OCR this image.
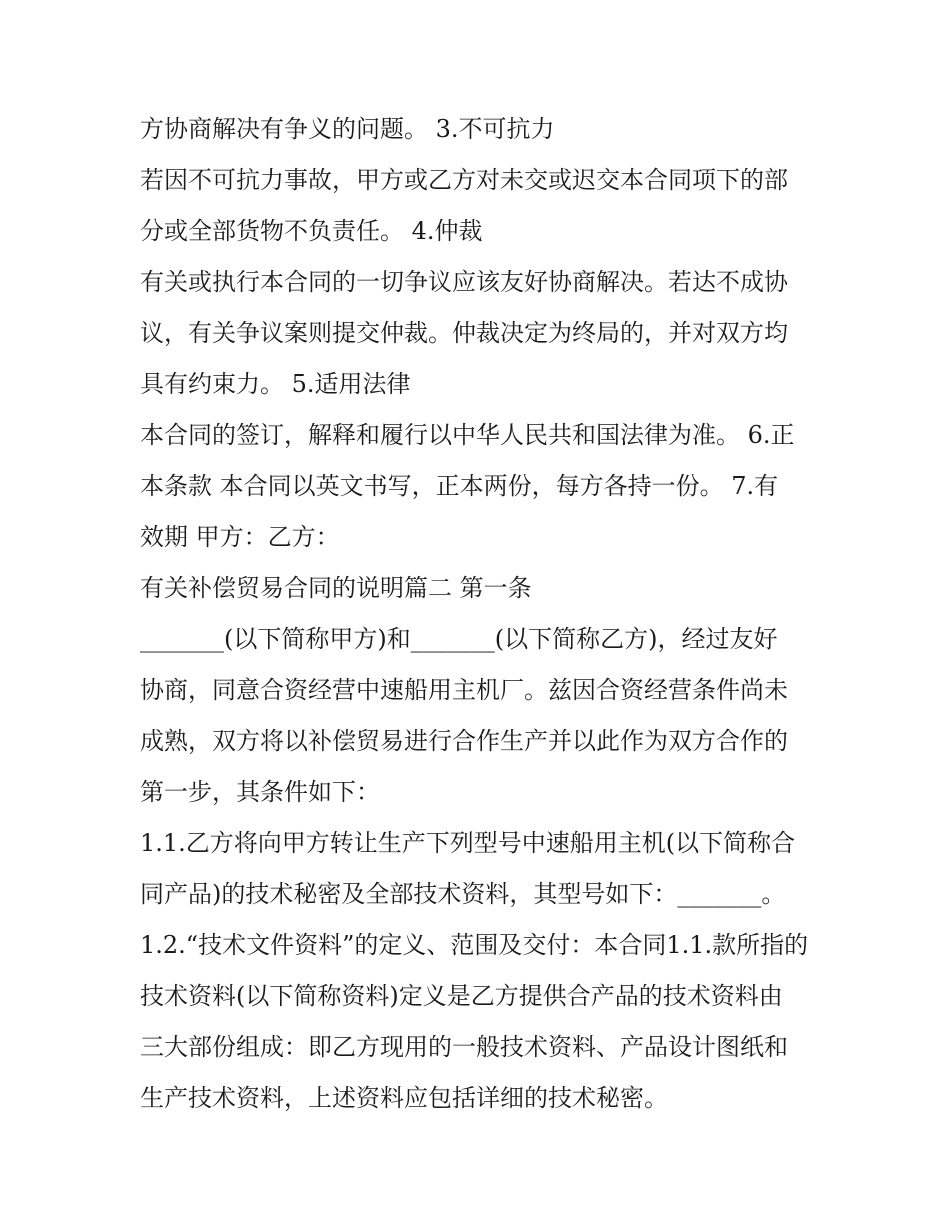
方协商解决有争义的问题。 3.不可抗力
若因不可抗力事故，甲方或乙方对未交或迟交本合同项下的部
分或全部货物不负责任。 4.仲裁
有关或执行本合同的一切争议应该友好协商解决。若达不成协
议，有关争议案则提交仲裁。仲裁决定为终局的，并对双方均
具有约束力。 5.适用法律
本合同的签订，解释和履行以中华人民共和国法律为准。 6.正
本条款 本合同以英文书写，正本两份，每方各持一份。 7.有
效期 甲方：乙方：
有关补偿贸易合同的说明篇二 第一条
_______(以下简称甲方)和_______(以下简称乙方)，经过友好
协商，同意合资经营中速船用主机厂。兹因合资经营条件尚未
成熟，双方将以补偿贸易进行合作生产并以此作为双方合作的
第一步，其条件如下：
1.1.乙方将向甲方转让生产下列型号中速船用主机(以下简称合
同产品)的技术秘密及全部技术资料，其型号如下：_______。
1.2.“技术文件资料”的定义、范围及交付：本合同1.1.款所指的
技术资料(以下简称资料)定义是乙方提供合产品的技术资料由
三大部份组成：即乙方现用的一般技术资料、产品设计图纸和
生产技术资料，上述资料应包括详细的技术秘密。
